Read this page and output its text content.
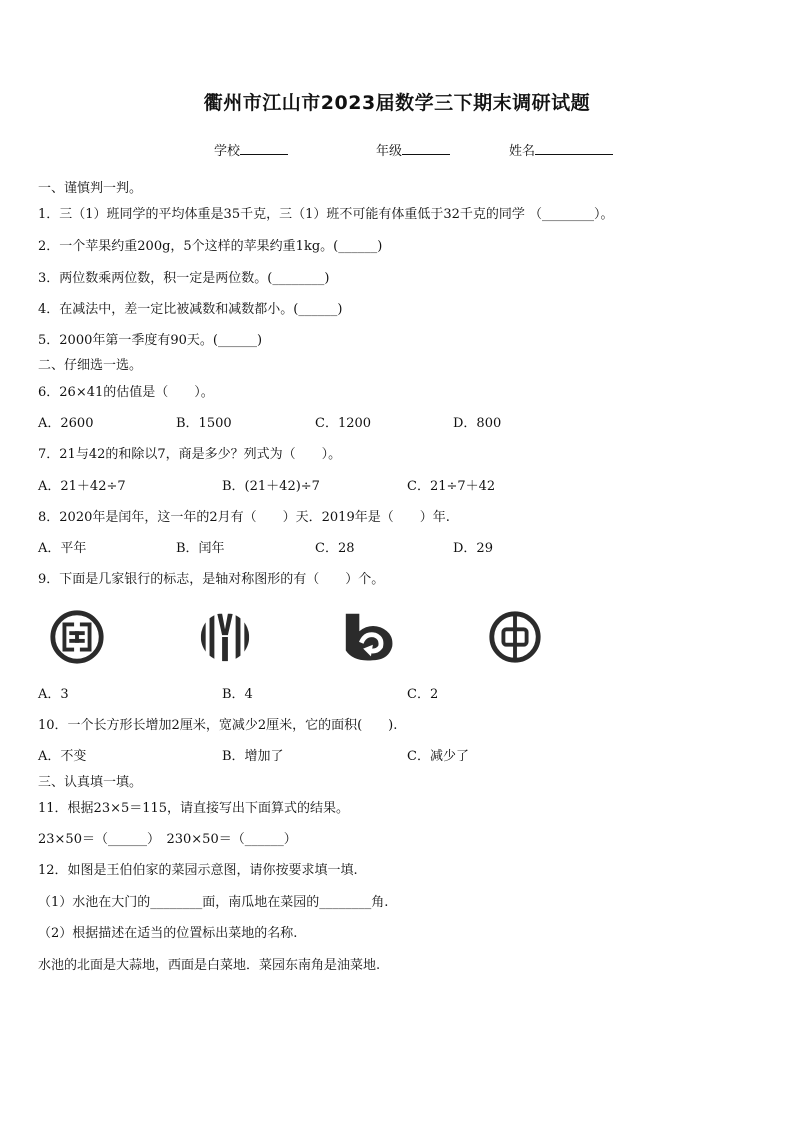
衢州市江山市2023届数学三下期末调研试题
学校	年级	姓名
一、谨慎判一判。
1．三（1）班同学的平均体重是35千克，三（1）班不可能有体重低于32千克的同学 （________）。
2．一个苹果约重200g，5个这样的苹果约重1kg。(______)
3．两位数乘两位数，积一定是两位数。(________)
4．在减法中，差一定比被减数和减数都小。(______)
5．2000年第一季度有90天。(______)
二、仔细选一选。
6．26×41的估值是（　　）。
A．2600	B．1500	C．1200	D．800
7．21与42的和除以7，商是多少？列式为（　　）。
A．21＋42÷7	B．(21＋42)÷7	C．21÷7＋42
8．2020年是闰年，这一年的2月有（　　）天．2019年是（　　）年.
A．平年	B．闰年	C．28	D．29
9．下面是几家银行的标志，是轴对称图形的有（　　）个。
A．3	B．4	C．2
10．一个长方形长增加2厘米，宽减少2厘米，它的面积(　　).
A．不变	B．增加了	C．减少了
三、认真填一填。
11．根据23×5＝115，请直接写出下面算式的结果。
23×50＝（______）　230×50＝（______）
12．如图是王伯伯家的菜园示意图，请你按要求填一填.
（1）水池在大门的________面，南瓜地在菜园的________角.
（2）根据描述在适当的位置标出菜地的名称.
水池的北面是大蒜地，西面是白菜地．菜园东南角是油菜地.
